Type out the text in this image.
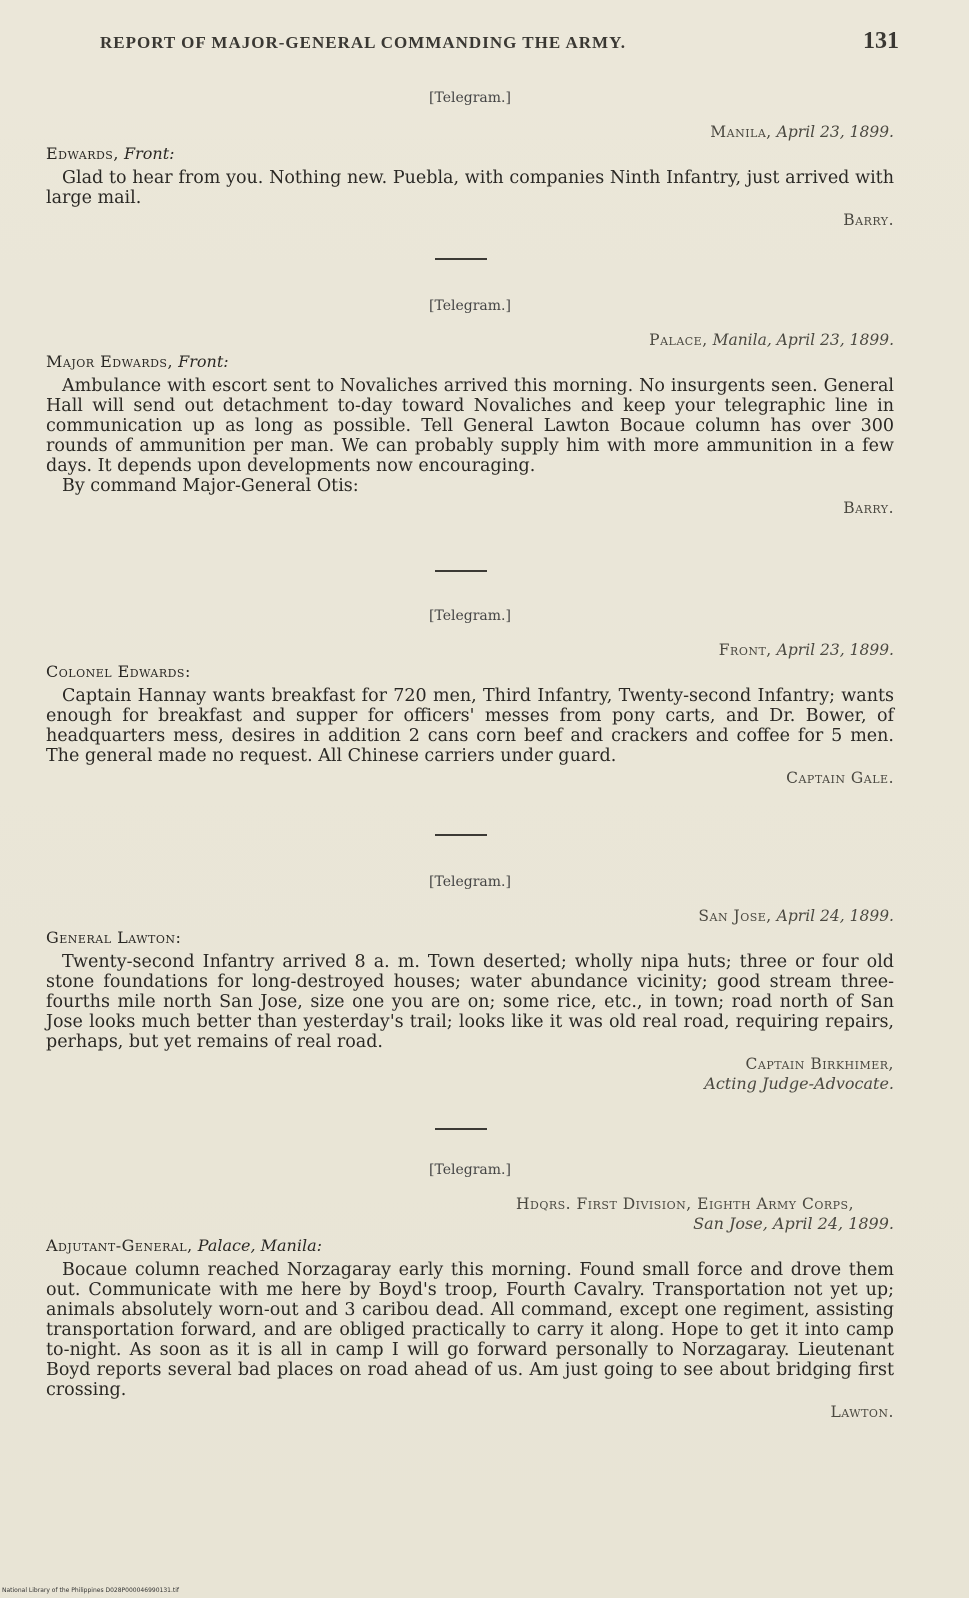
REPORT OF MAJOR-GENERAL COMMANDING THE ARMY.	131
[Telegram.]
Manila, April 23, 1899.
Edwards, Front:
Glad to hear from you. Nothing new. Puebla, with companies Ninth Infantry, just arrived with large mail.
Barry.
[Telegram.]
Palace, Manila, April 23, 1899.
Major Edwards, Front:
Ambulance with escort sent to Novaliches arrived this morning. No insurgents seen. General Hall will send out detachment to-day toward Novaliches and keep your telegraphic line in communication up as long as possible. Tell General Lawton Bocaue column has over 300 rounds of ammunition per man. We can probably supply him with more ammunition in a few days. It depends upon developments now encouraging.
By command Major-General Otis:
Barry.
[Telegram.]
Front, April 23, 1899.
Colonel Edwards:
Captain Hannay wants breakfast for 720 men, Third Infantry, Twenty-second Infantry; wants enough for breakfast and supper for officers' messes from pony carts, and Dr. Bower, of headquarters mess, desires in addition 2 cans corn beef and crackers and coffee for 5 men. The general made no request. All Chinese carriers under guard.
Captain Gale.
[Telegram.]
San Jose, April 24, 1899.
General Lawton:
Twenty-second Infantry arrived 8 a. m. Town deserted; wholly nipa huts; three or four old stone foundations for long-destroyed houses; water abundance vicinity; good stream three-fourths mile north San Jose, size one you are on; some rice, etc., in town; road north of San Jose looks much better than yesterday's trail; looks like it was old real road, requiring repairs, perhaps, but yet remains of real road.
Captain Birkhimer,
Acting Judge-Advocate.
[Telegram.]
Hdqrs. First Division, Eighth Army Corps,
San Jose, April 24, 1899.
Adjutant-General, Palace, Manila:
Bocaue column reached Norzagaray early this morning. Found small force and drove them out. Communicate with me here by Boyd's troop, Fourth Cavalry. Transportation not yet up; animals absolutely worn-out and 3 caribou dead. All command, except one regiment, assisting transportation forward, and are obliged practically to carry it along. Hope to get it into camp to-night. As soon as it is all in camp I will go forward personally to Norzagaray. Lieutenant Boyd reports several bad places on road ahead of us. Am just going to see about bridging first crossing.
Lawton.
National Library of the Philippines D028P000046990131.tif
